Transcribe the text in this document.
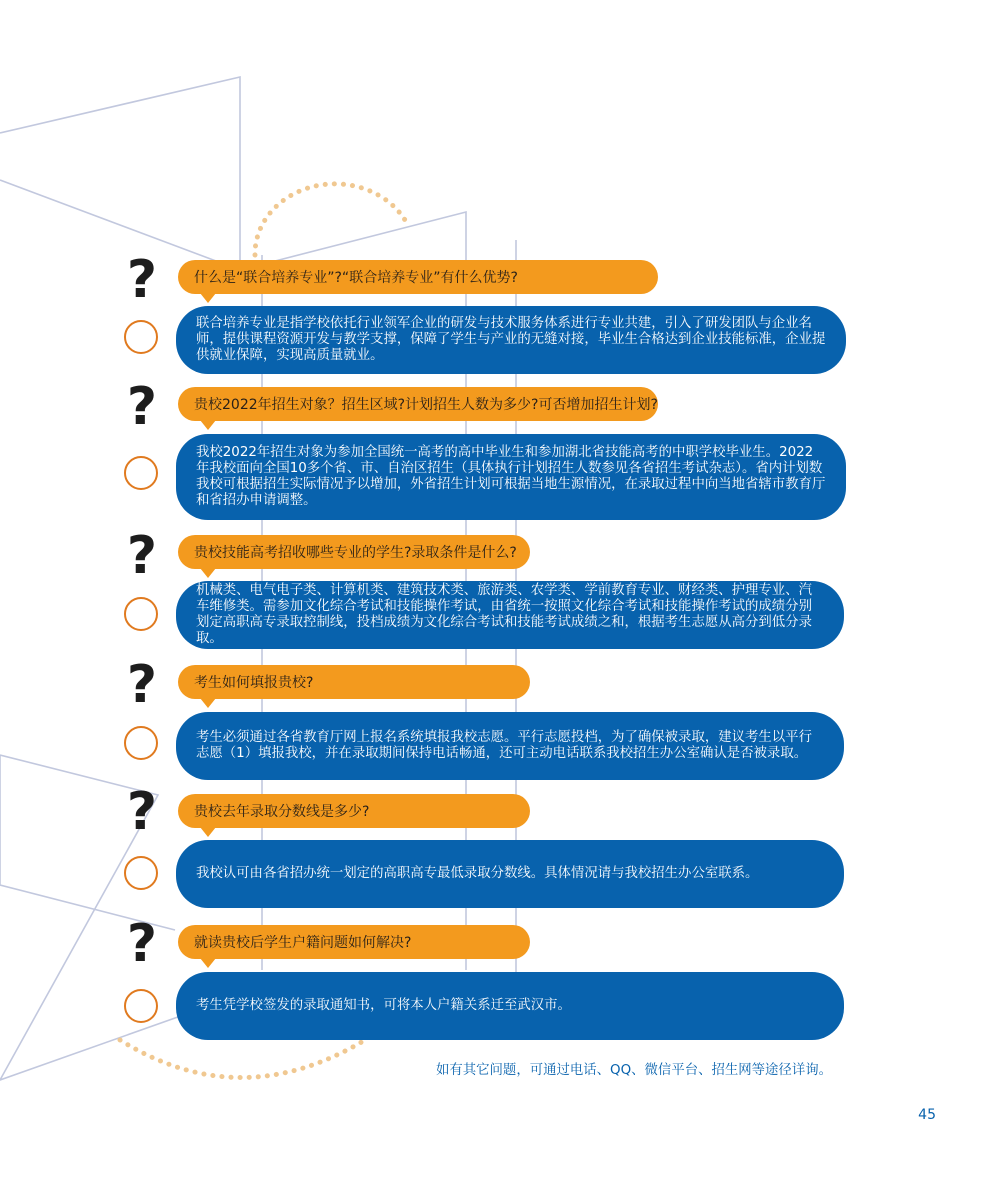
?	什么是“联合培养专业”?“联合培养专业”有什么优势?
联合培养专业是指学校依托行业领军企业的研发与技术服务体系进行专业共建，引入了研发团队与企业名师，提供课程资源开发与教学支撑，保障了学生与产业的无缝对接，毕业生合格达到企业技能标准，企业提供就业保障，实现高质量就业。
?	贵校2022年招生对象？招生区域?计划招生人数为多少?可否增加招生计划?
我校2022年招生对象为参加全国统一高考的高中毕业生和参加湖北省技能高考的中职学校毕业生。2022年我校面向全国10多个省、市、自治区招生（具体执行计划招生人数参见各省招生考试杂志）。省内计划数我校可根据招生实际情况予以增加，外省招生计划可根据当地生源情况，在录取过程中向当地省辖市教育厅和省招办申请调整。
?	贵校技能高考招收哪些专业的学生?录取条件是什么?
机械类、电气电子类、计算机类、建筑技术类、旅游类、农学类、学前教育专业、财经类、护理专业、汽车维修类。需参加文化综合考试和技能操作考试，由省统一按照文化综合考试和技能操作考试的成绩分别划定高职高专录取控制线，投档成绩为文化综合考试和技能考试成绩之和，根据考生志愿从高分到低分录取。
?	考生如何填报贵校?
考生必须通过各省教育厅网上报名系统填报我校志愿。平行志愿投档，为了确保被录取，建议考生以平行志愿（1）填报我校，并在录取期间保持电话畅通，还可主动电话联系我校招生办公室确认是否被录取。
?	贵校去年录取分数线是多少?
我校认可由各省招办统一划定的高职高专最低录取分数线。具体情况请与我校招生办公室联系。
?	就读贵校后学生户籍问题如何解决?
考生凭学校签发的录取通知书，可将本人户籍关系迁至武汉市。
如有其它问题，可通过电话、QQ、微信平台、招生网等途径详询。
45
